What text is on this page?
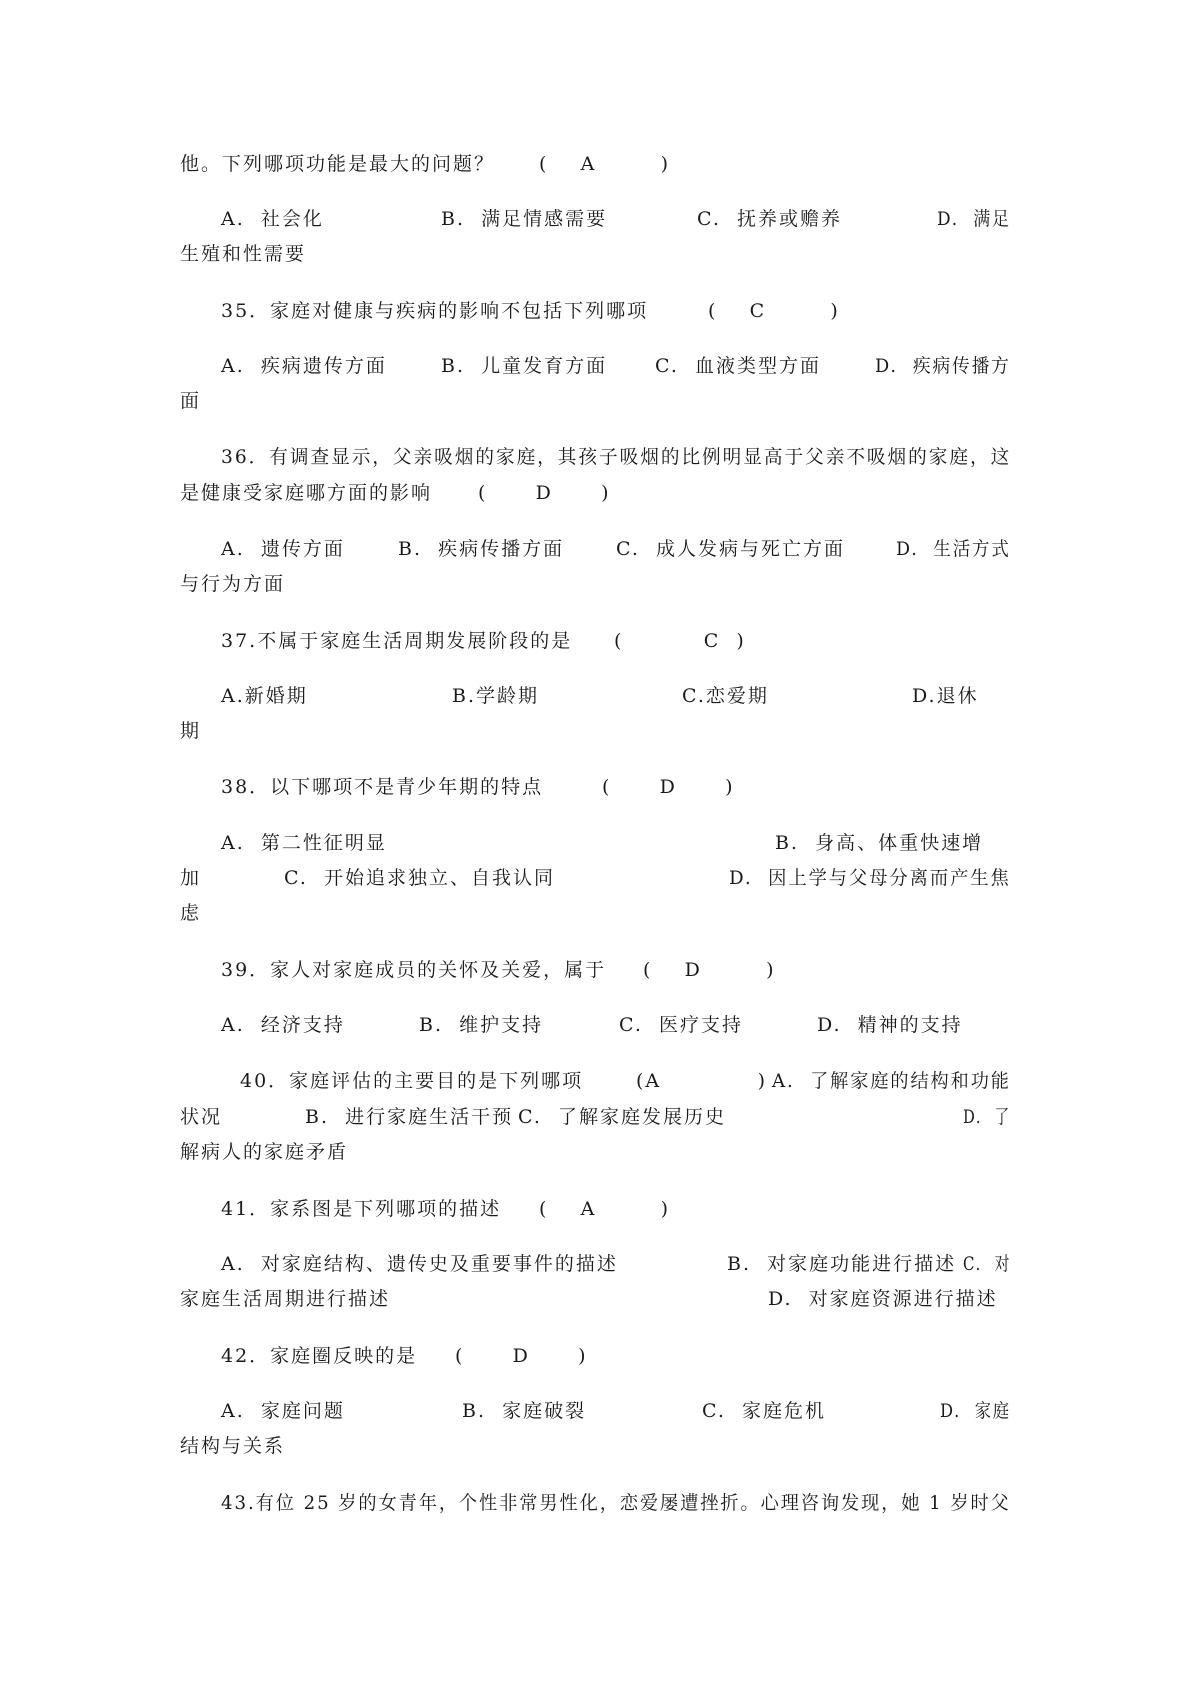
他。下列哪项功能是最大的问题？ (    A        )
A.  社会化	B.  满足情感需要	C.  抚养或赡养	D.  满足
生殖和性需要
35．家庭对健康与疾病的影响不包括下列哪项	(    C        )
A.  疾病遗传方面	B.  儿童发育方面	C.  血液类型方面	D.  疾病传播方
面
36．有调查显示，父亲吸烟的家庭，其孩子吸烟的比例明显高于父亲不吸烟的家庭，这
是健康受家庭哪方面的影响 (      D      )
A.  遗传方面	B.  疾病传播方面	C.  成人发病与死亡方面	D.  生活方式
与行为方面
37.不属于家庭生活周期发展阶段的是 (          C  )
A.新婚期	B.学龄期	C.恋爱期	D.退休
期
38．以下哪项不是青少年期的特点	(      D      )
A.  第二性征明显	B.  身高、体重快速增
加	C.  开始追求独立、自我认同	D.  因上学与父母分离而产生焦
虑
39．家人对家庭成员的关怀及关爱，属于 (    D        )
A.  经济支持	B.  维护支持	C.  医疗支持	D.  精神的支持
40．家庭评估的主要目的是下列哪项	(A            ) A.  了解家庭的结构和功能
状况	B.  进行家庭生活干预 C.  了解家庭发展历史	D.  了
解病人的家庭矛盾
41．家系图是下列哪项的描述 (    A        )
A.  对家庭结构、遗传史及重要事件的描述	B.  对家庭功能进行描述 C.  对
家庭生活周期进行描述	D.  对家庭资源进行描述
42．家庭圈反映的是 (      D      )
A.  家庭问题	B.  家庭破裂	C.  家庭危机	D.  家庭
结构与关系
43.有位 25 岁的女青年，个性非常男性化，恋爱屡遭挫折。心理咨询发现，她 1 岁时父
